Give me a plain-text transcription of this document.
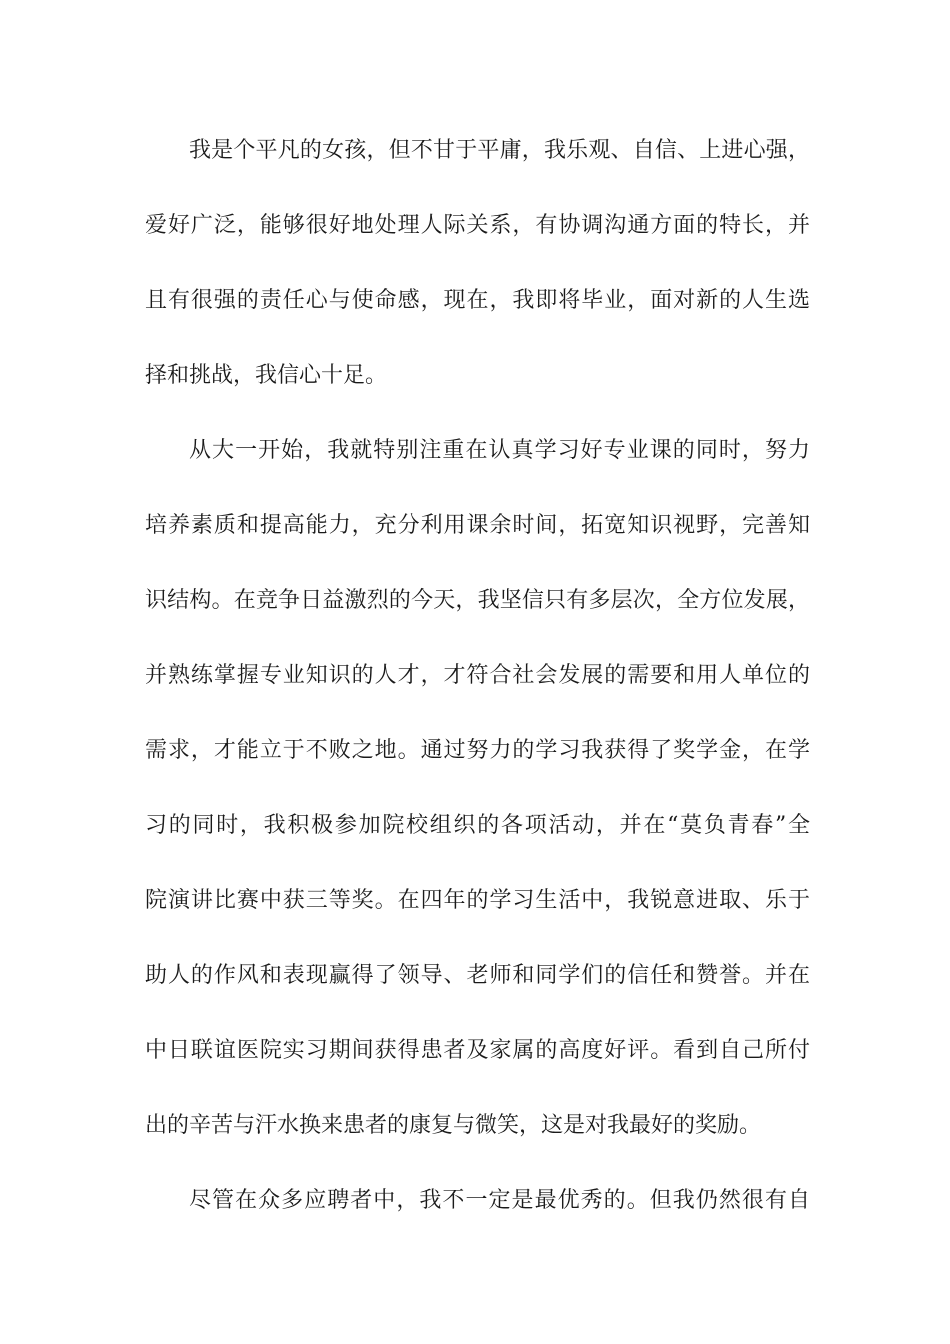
我是个平凡的女孩，但不甘于平庸，我乐观、自信、上进心强，
爱好广泛，能够很好地处理人际关系，有协调沟通方面的特长，并
且有很强的责任心与使命感，现在，我即将毕业，面对新的人生选
择和挑战，我信心十足。
从大一开始，我就特别注重在认真学习好专业课的同时，努力
培养素质和提高能力，充分利用课余时间，拓宽知识视野，完善知
识结构。在竞争日益激烈的今天，我坚信只有多层次，全方位发展，
并熟练掌握专业知识的人才，才符合社会发展的需要和用人单位的
需求，才能立于不败之地。通过努力的学习我获得了奖学金，在学
习的同时，我积极参加院校组织的各项活动，并在“莫负青春”全
院演讲比赛中获三等奖。在四年的学习生活中，我锐意进取、乐于
助人的作风和表现赢得了领导、老师和同学们的信任和赞誉。并在
中日联谊医院实习期间获得患者及家属的高度好评。看到自己所付
出的辛苦与汗水换来患者的康复与微笑，这是对我最好的奖励。
尽管在众多应聘者中，我不一定是最优秀的。但我仍然很有自
